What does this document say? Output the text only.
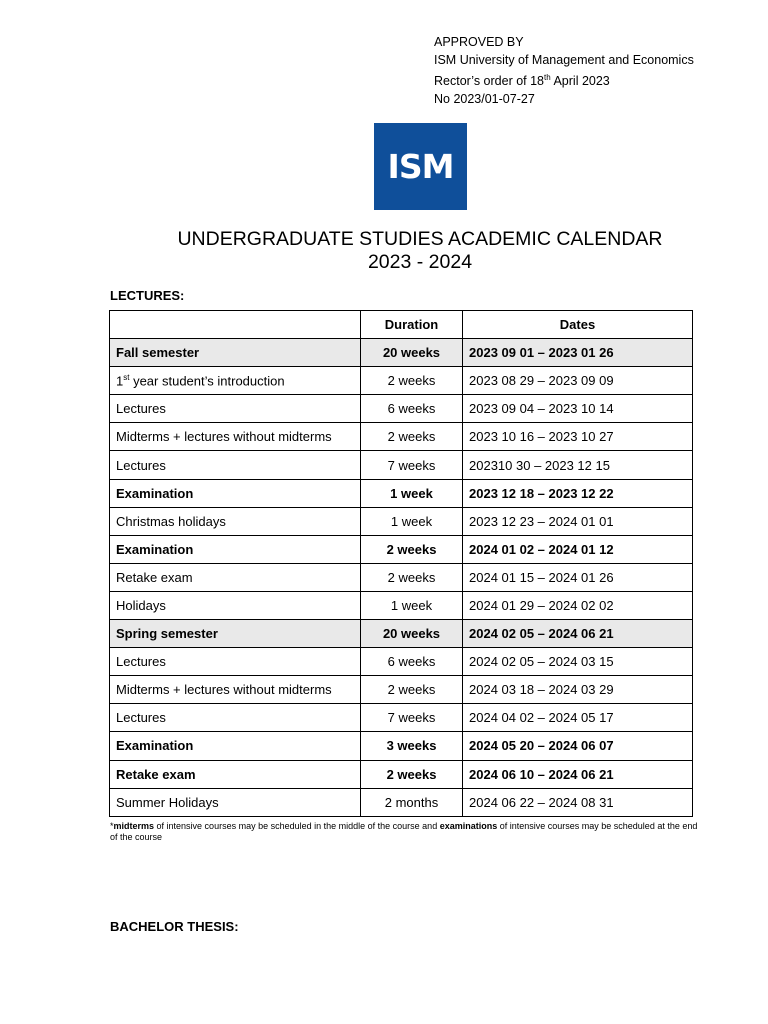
APPROVED BY
ISM University of Management and Economics
Rector’s order of 18th April 2023
No 2023/01-07-27
ISM
UNDERGRADUATE STUDIES ACADEMIC CALENDAR
2023 - 2024
LECTURES:
	Duration	Dates
Fall semester	20 weeks	2023 09 01 – 2023 01 26
1st year student’s introduction	2 weeks	2023 08 29 – 2023 09 09
Lectures	6 weeks	2023 09 04 – 2023 10 14
Midterms + lectures without midterms	2 weeks	2023 10 16 – 2023 10 27
Lectures	7 weeks	202310 30 – 2023 12 15
Examination	1 week	2023 12 18 – 2023 12 22
Christmas holidays	1 week	2023 12 23 – 2024 01 01
Examination	2 weeks	2024 01 02 – 2024 01 12
Retake exam	2 weeks	2024 01 15 – 2024 01 26
Holidays	1 week	2024 01 29 – 2024 02 02
Spring semester	20 weeks	2024 02 05 – 2024 06 21
Lectures	6 weeks	2024 02 05 – 2024 03 15
Midterms + lectures without midterms	2 weeks	2024 03 18 – 2024 03 29
Lectures	7 weeks	2024 04 02 – 2024 05 17
Examination	3 weeks	2024 05 20 – 2024 06 07
Retake exam	2 weeks	2024 06 10 – 2024 06 21
Summer Holidays	2 months	2024 06 22 – 2024 08 31
*midterms of intensive courses may be scheduled in the middle of the course and examinations of intensive courses may be scheduled at the end of the course
BACHELOR THESIS:
